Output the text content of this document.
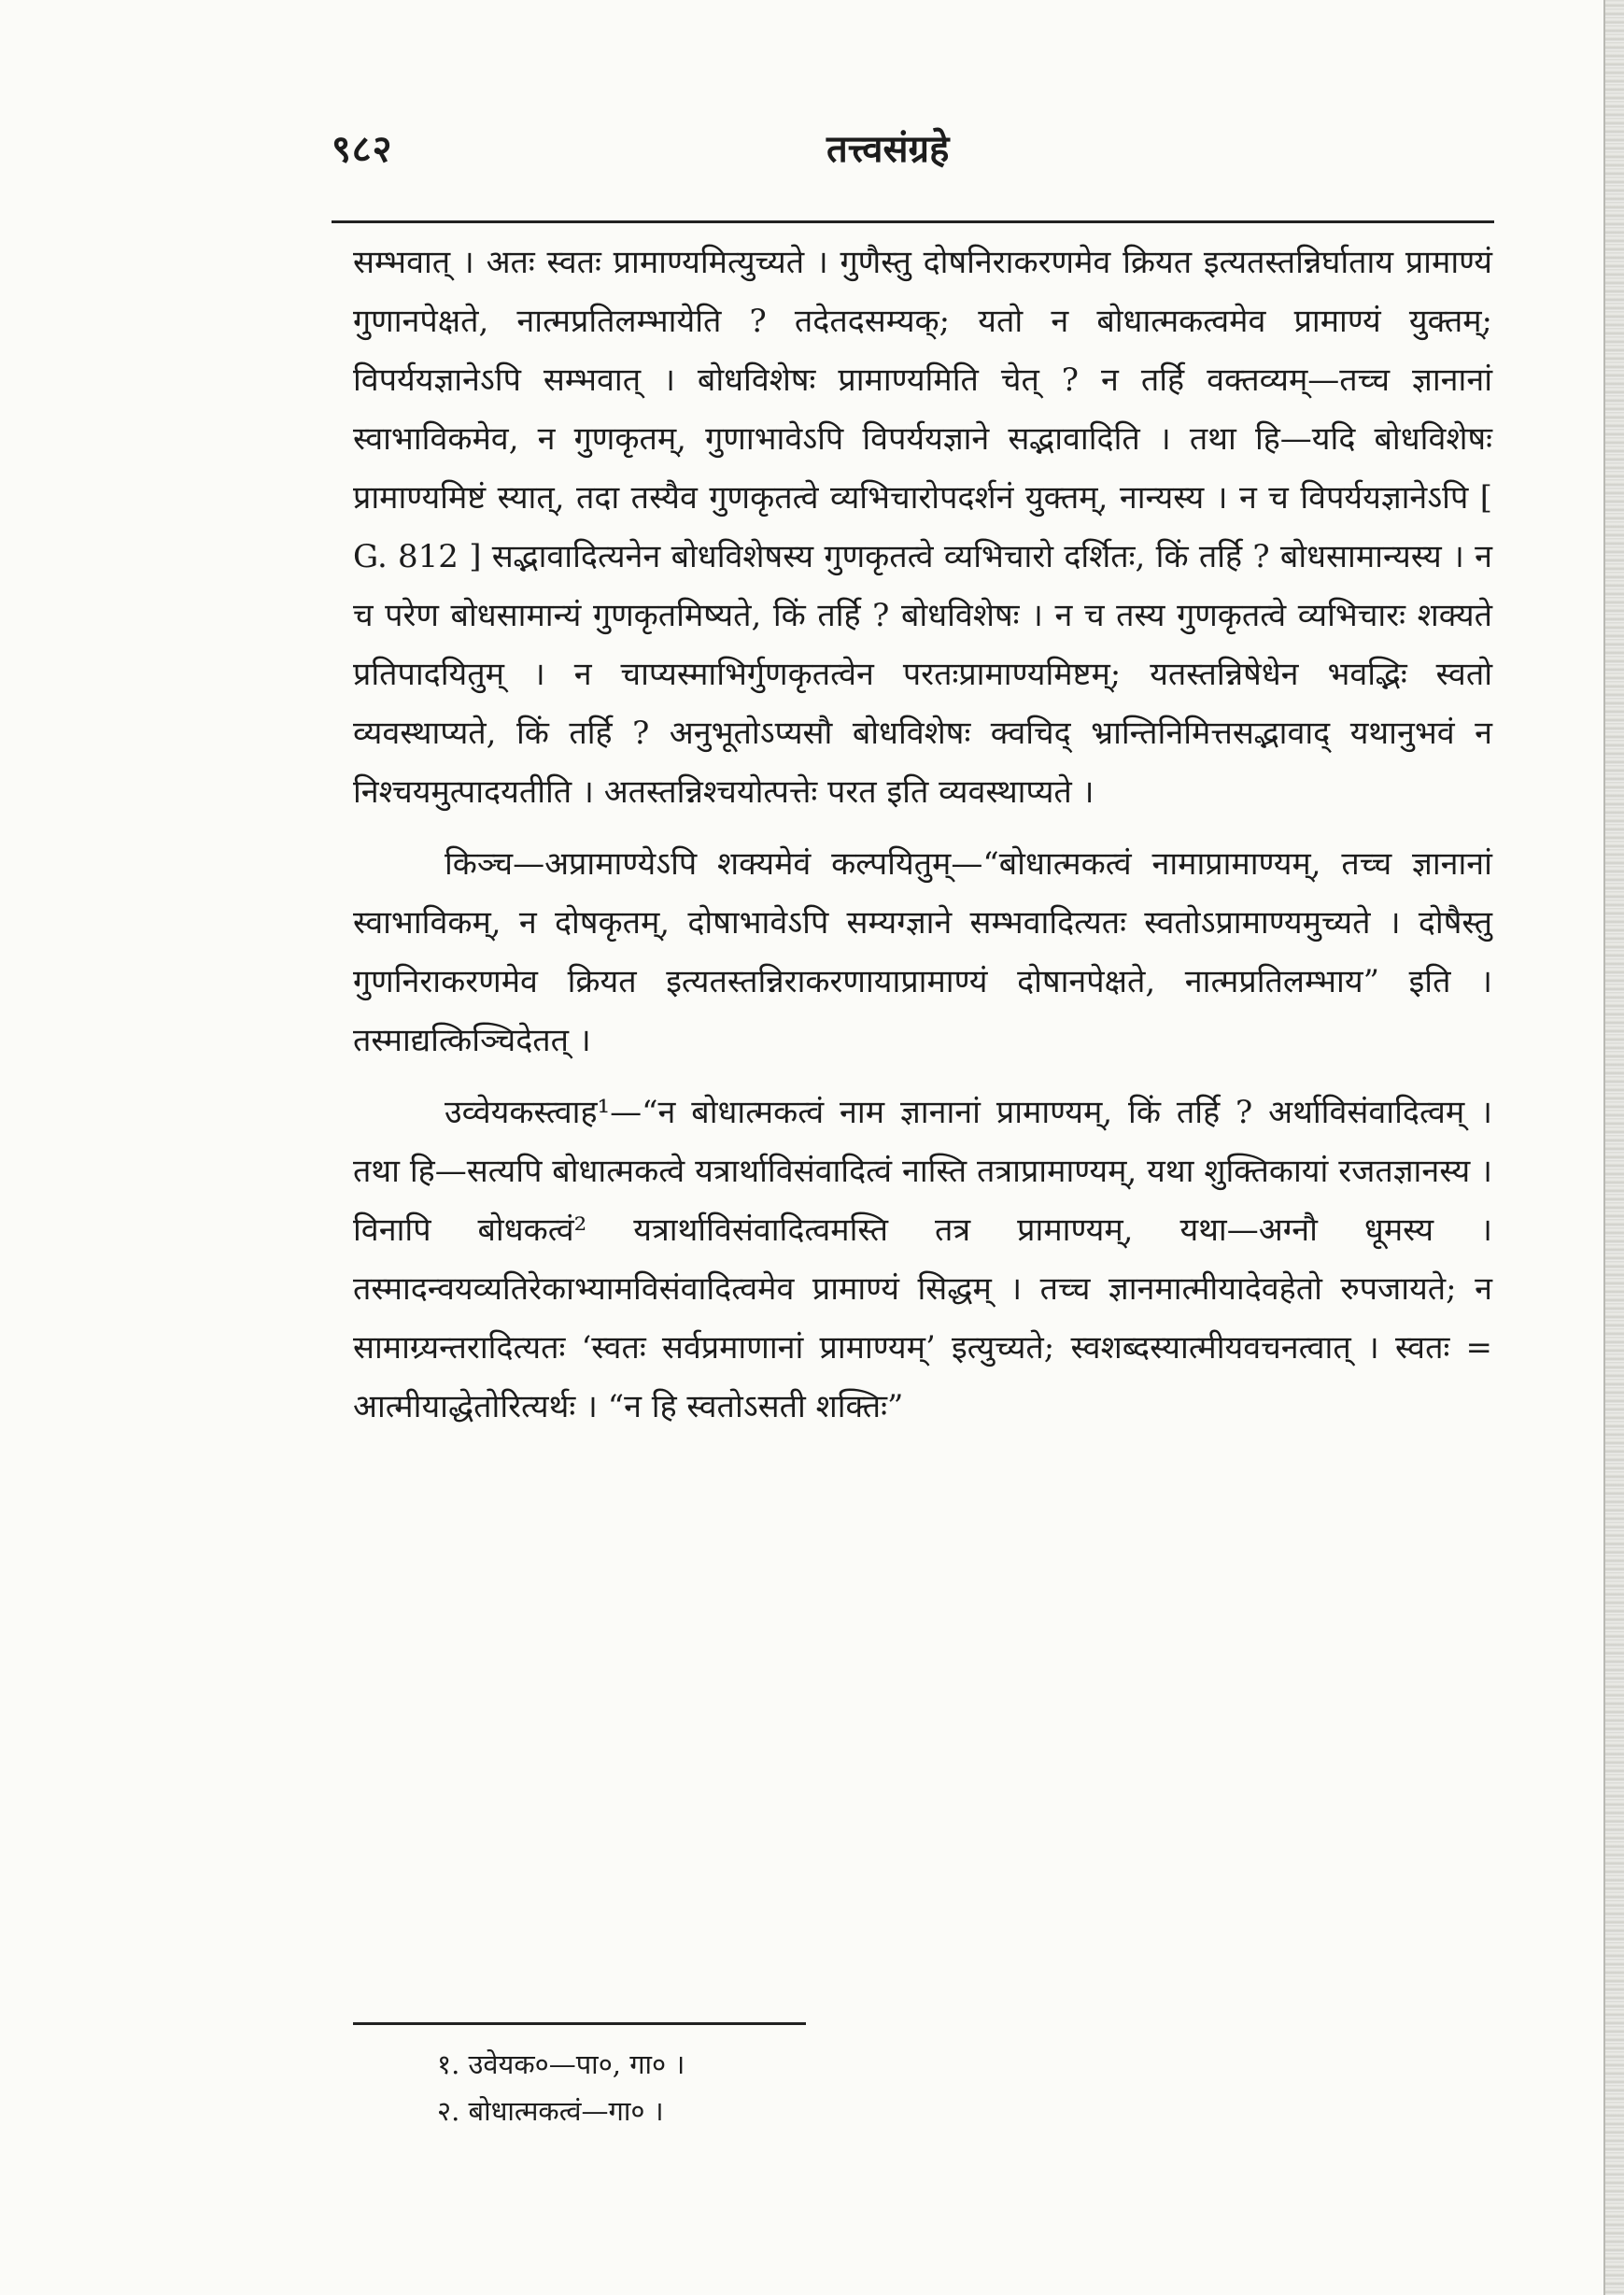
९८२	तत्त्वसंग्रहे

सम्भवात् । अतः स्वतः प्रामाण्यमित्युच्यते । गुणैस्तु दोषनिराकरणमेव क्रियत इत्यतस्तन्निर्घाताय प्रामाण्यं गुणानपेक्षते, नात्मप्रतिलम्भायेति ? तदेतदसम्यक्; यतो न बोधात्मकत्वमेव प्रामाण्यं युक्तम्; विपर्ययज्ञानेऽपि सम्भवात् । बोधविशेषः प्रामाण्यमिति चेत् ? न तर्हि वक्तव्यम्—तच्च ज्ञानानां स्वाभाविकमेव, न गुणकृतम्, गुणाभावेऽपि विपर्ययज्ञाने सद्भावादिति । तथा हि—यदि बोधविशेषः प्रामाण्यमिष्टं स्यात्, तदा तस्यैव गुणकृतत्वे व्यभिचारोपदर्शनं युक्तम्, नान्यस्य । न च विपर्ययज्ञानेऽपि [ G. 812 ] सद्भावादित्यनेन बोधविशेषस्य गुणकृतत्वे व्यभिचारो दर्शितः, किं तर्हि ? बोधसामान्यस्य । न च परेण बोधसामान्यं गुणकृतमिष्यते, किं तर्हि ? बोधविशेषः । न च तस्य गुणकृतत्वे व्यभिचारः शक्यते प्रतिपादयितुम् । न चाप्यस्माभिर्गुणकृतत्वेन परतःप्रामाण्यमिष्टम्; यतस्तन्निषेधेन भवद्भिः स्वतो व्यवस्थाप्यते, किं तर्हि ? अनुभूतोऽप्यसौ बोधविशेषः क्वचिद् भ्रान्तिनिमित्तसद्भावाद् यथानुभवं न निश्चयमुत्पादयतीति । अतस्तन्निश्चयोत्पत्तेः परत इति व्यवस्थाप्यते ।

किञ्च—अप्रामाण्येऽपि शक्यमेवं कल्पयितुम्—“बोधात्मकत्वं नामाप्रामाण्यम्, तच्च ज्ञानानां स्वाभाविकम्, न दोषकृतम्, दोषाभावेऽपि सम्यग्ज्ञाने सम्भवादित्यतः स्वतोऽप्रामाण्यमुच्यते । दोषैस्तु गुणनिराकरणमेव क्रियत इत्यतस्तन्निराकरणायाप्रामाण्यं दोषानपेक्षते, नात्मप्रतिलम्भाय” इति । तस्माद्यत्किञ्चिदेतत् ।

उव्वेयकस्त्वाह¹—“न बोधात्मकत्वं नाम ज्ञानानां प्रामाण्यम्, किं तर्हि ? अर्थाविसंवादित्वम् । तथा हि—सत्यपि बोधात्मकत्वे यत्रार्थाविसंवादित्वं नास्ति तत्राप्रामाण्यम्, यथा शुक्तिकायां रजतज्ञानस्य । विनापि बोधकत्वं² यत्रार्थाविसंवादित्वमस्ति तत्र प्रामाण्यम्, यथा—अग्नौ धूमस्य । तस्मादन्वयव्यतिरेकाभ्यामविसंवादित्वमेव प्रामाण्यं सिद्धम् । तच्च ज्ञानमात्मीयादेवहेतो रुपजायते; न सामाग्र्यन्तरादित्यतः ‘स्वतः सर्वप्रमाणानां प्रामाण्यम्’ इत्युच्यते; स्वशब्दस्यात्मीयवचनत्वात् । स्वतः = आत्मीयाद्धेतोरित्यर्थः । “न हि स्वतोऽसती शक्तिः”

१. उवेयक०—पा०, गा० ।

२. बोधात्मकत्वं—गा० ।
